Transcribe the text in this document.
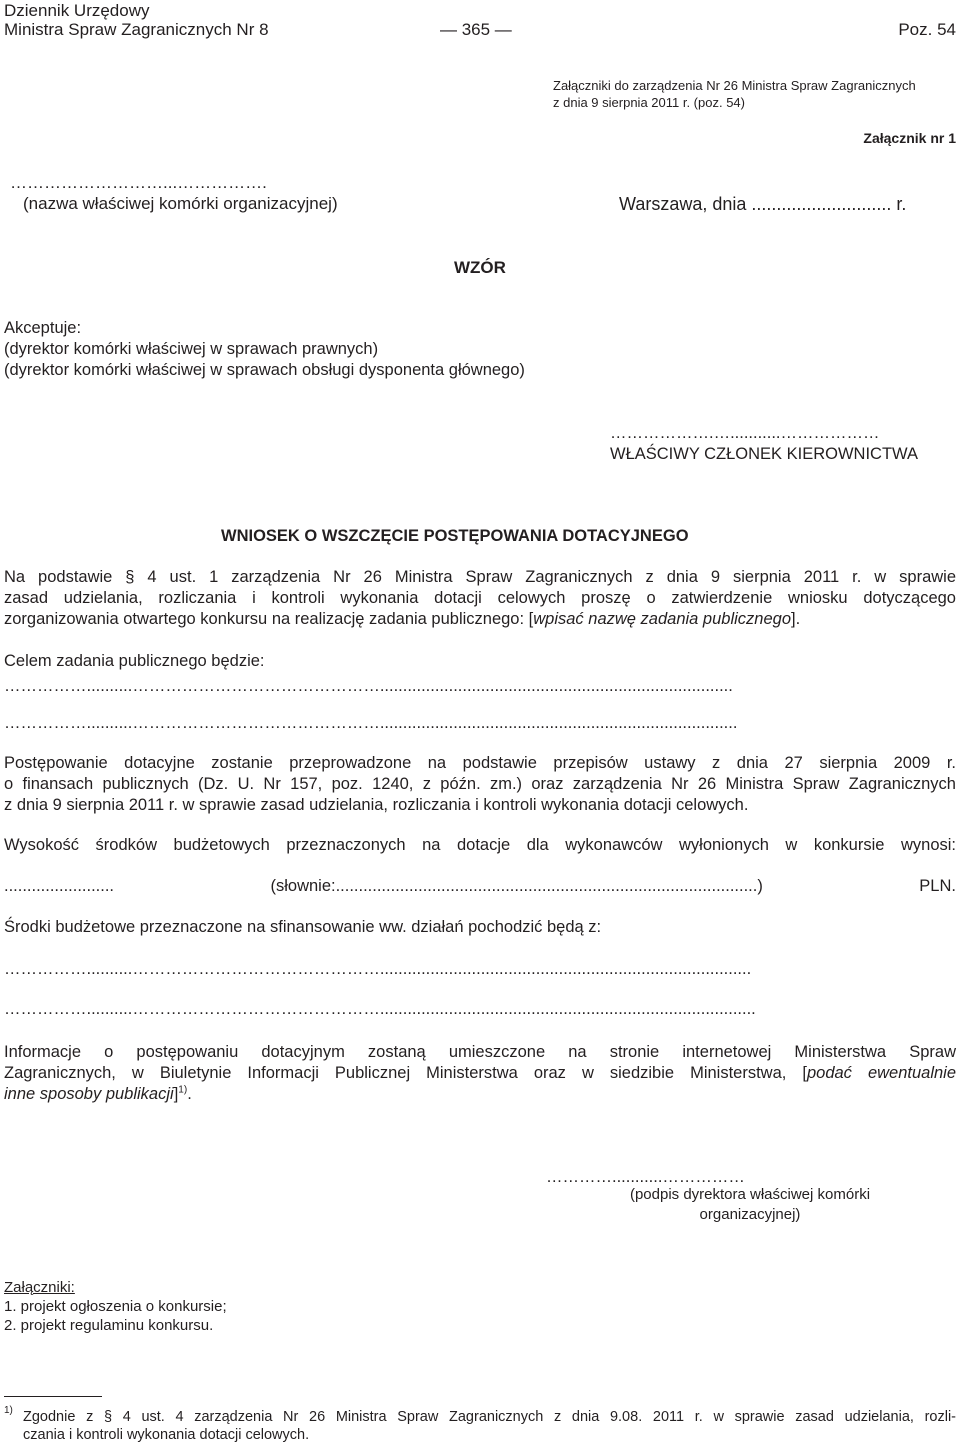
Dziennik Urzędowy
Ministra Spraw Zagranicznych Nr 8	— 365 —	Poz. 54
Załączniki do zarządzenia Nr 26 Ministra Spraw Zagranicznych
z dnia 9 sierpnia 2011 r. (poz. 54)
Załącznik nr 1
………………………...…………….
(nazwa właściwej komórki organizacyjnej)	Warszawa, dnia ............................ r.
WZÓR
Akceptuje:
(dyrektor komórki właściwej w sprawach prawnych)
(dyrektor komórki właściwej w sprawach obsługi dysponenta głównego)
……………….…...........………………
WŁAŚCIWY CZŁONEK KIEROWNICTWA
WNIOSEK O WSZCZĘCIE POSTĘPOWANIA DOTACYJNEGO
Na podstawie § 4 ust. 1 zarządzenia Nr 26 Ministra Spraw Zagranicznych z dnia 9 sierpnia 2011 r. w sprawie
zasad udzielania, rozliczania i kontroli wykonania dotacji celowych proszę o zatwierdzenie wniosku dotyczącego
zorganizowania otwartego konkursu na realizację zadania publicznego: [wpisać nazwę zadania publicznego].
Celem zadania publicznego będzie:
……………..........……………………………………….............................................................................
……………..........………………………………………..............................................................................
Postępowanie dotacyjne zostanie przeprowadzone na podstawie przepisów ustawy z dnia 27 sierpnia 2009 r.
o finansach publicznych (Dz. U. Nr 157, poz. 1240, z późn. zm.) oraz zarządzenia Nr 26 Ministra Spraw Zagranicznych
z dnia 9 sierpnia 2011 r. w sprawie zasad udzielania, rozliczania i kontroli wykonania dotacji celowych.
Wysokość środków budżetowych przeznaczonych na dotacje dla wykonawców wyłonionych w konkursie wynosi:
........................ (słownie:............................................................................................) PLN.
Środki budżetowe przeznaczone na sfinansowanie ww. działań pochodzić będą z:
……………..........……………………………………….................................................................................
……………..........………………………………………..................................................................................
Informacje o postępowaniu dotacyjnym zostaną umieszczone na stronie internetowej Ministerstwa Spraw
Zagranicznych, w Biuletynie Informacji Publicznej Ministerstwa oraz w siedzibie Ministerstwa, [podać ewentualnie
inne sposoby publikacji]$^{1)}$.
…………...........……………
(podpis dyrektora właściwej komórki
organizacyjnej)
Załączniki:
1. projekt ogłoszenia o konkursie;
2. projekt regulaminu konkursu.
1) Zgodnie z § 4 ust. 4 zarządzenia Nr 26 Ministra Spraw Zagranicznych z dnia 9.08. 2011 r. w sprawie zasad udzielania, rozli-
czania i kontroli wykonania dotacji celowych.
